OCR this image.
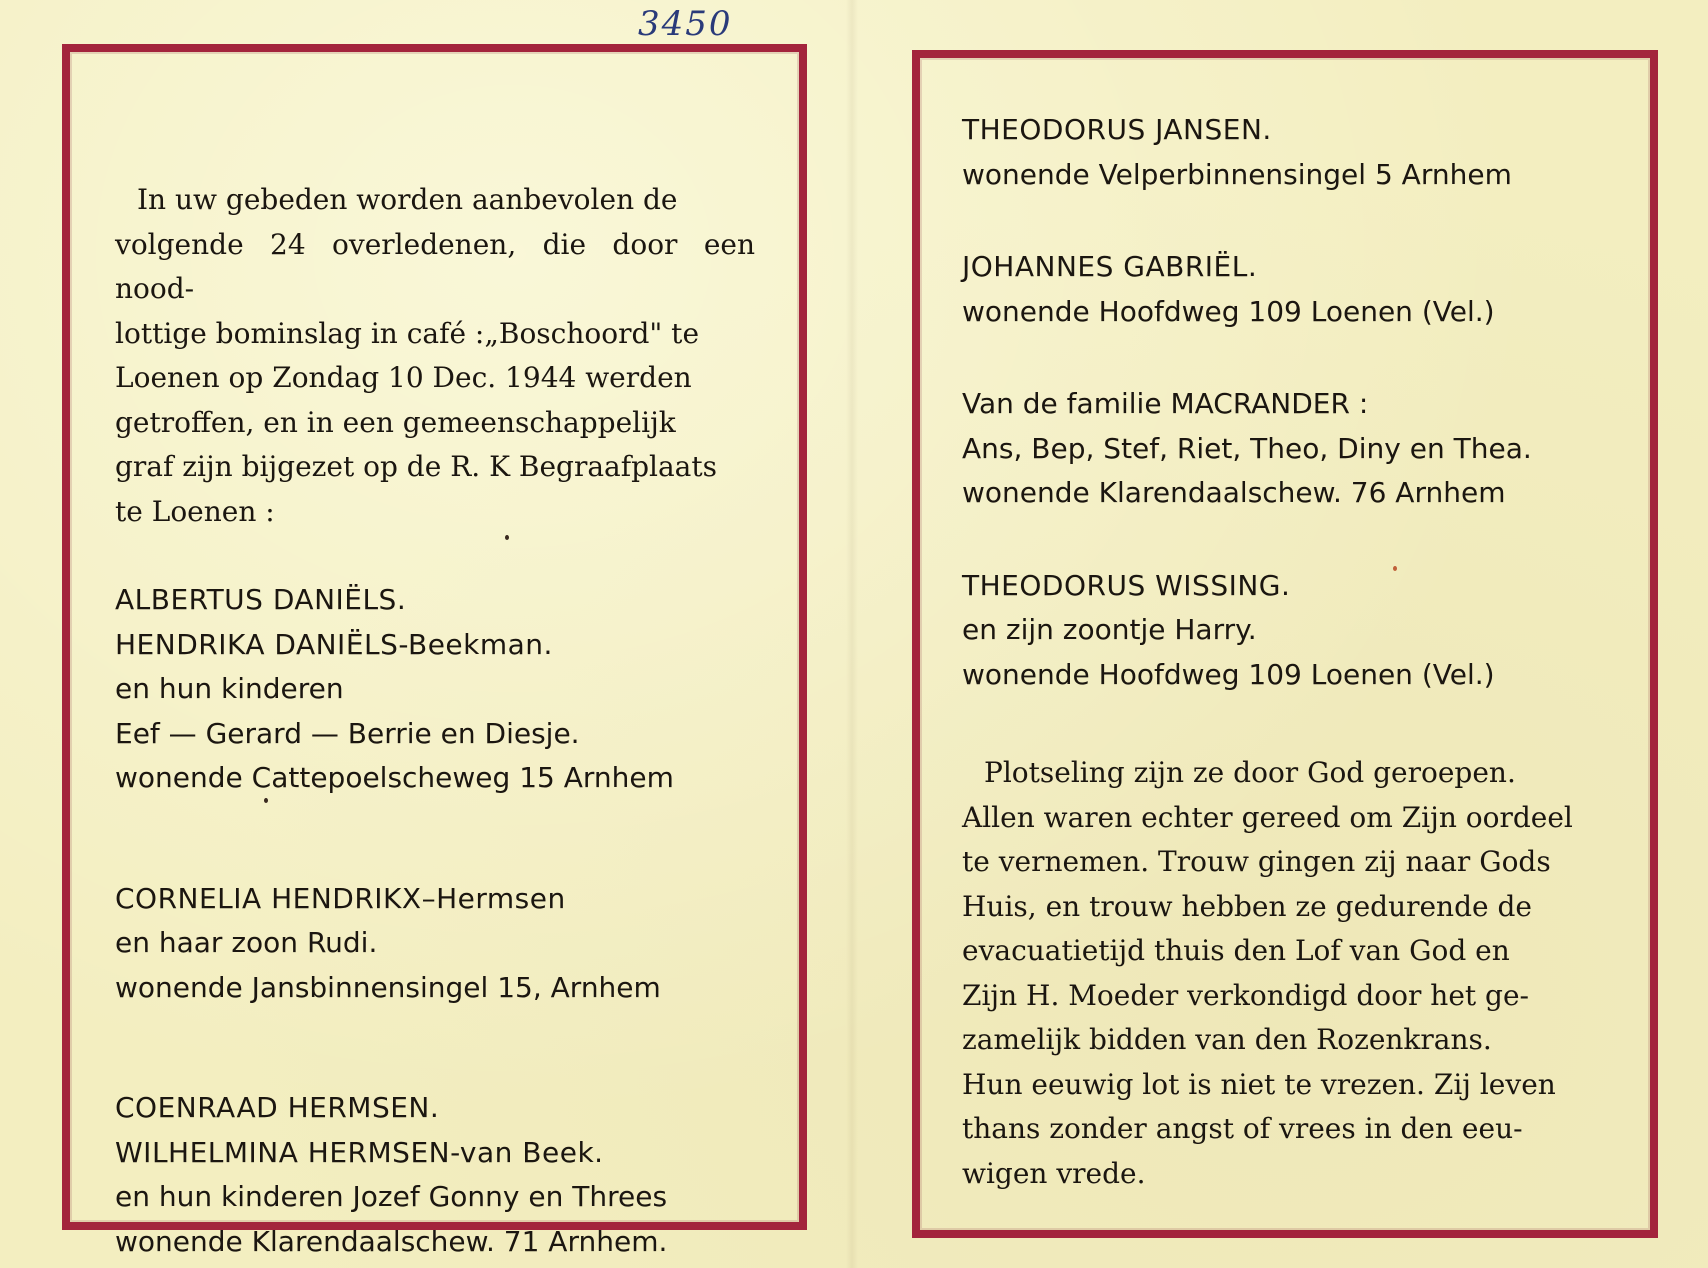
3450
In uw gebeden worden aanbevolen de
volgende 24 overledenen, die door een nood-
lottige bominslag in café :„Boschoord" te
Loenen op Zondag 10 Dec. 1944 werden
getroffen, en in een gemeenschappelijk
graf zijn bijgezet op de R. K Begraafplaats
te Loenen :

ALBERTUS DANIËLS.

HENDRIKA DANIËLS-Beekman.

en hun kinderen

Eef — Gerard — Berrie en Diesje.

wonende Cattepoelscheweg 15 Arnhem

CORNELIA HENDRIKX–Hermsen

en haar zoon Rudi.

wonende Jansbinnensingel 15, Arnhem

COENRAAD HERMSEN.

WILHELMINA HERMSEN-van Beek.

en hun kinderen Jozef Gonny en Threes

wonende Klarendaalschew. 71 Arnhem.

THEODORUS JANSEN.

wonende Velperbinnensingel 5 Arnhem

JOHANNES GABRIËL.

wonende Hoofdweg 109 Loenen (Vel.)

Van de familie MACRANDER :

Ans, Bep, Stef, Riet, Theo, Diny en Thea.

wonende Klarendaalschew. 76 Arnhem

THEODORUS WISSING.

en zijn zoontje Harry.

wonende Hoofdweg 109 Loenen (Vel.)

Plotseling zijn ze door God geroepen.
Allen waren echter gereed om Zijn oordeel
te vernemen. Trouw gingen zij naar Gods
Huis, en trouw hebben ze gedurende de
evacuatietijd thuis den Lof van God en
Zijn H. Moeder verkondigd door het ge-
zamelijk bidden van den Rozenkrans.
Hun eeuwig lot is niet te vrezen. Zij leven
thans zonder angst of vrees in den eeu-
wigen vrede.
